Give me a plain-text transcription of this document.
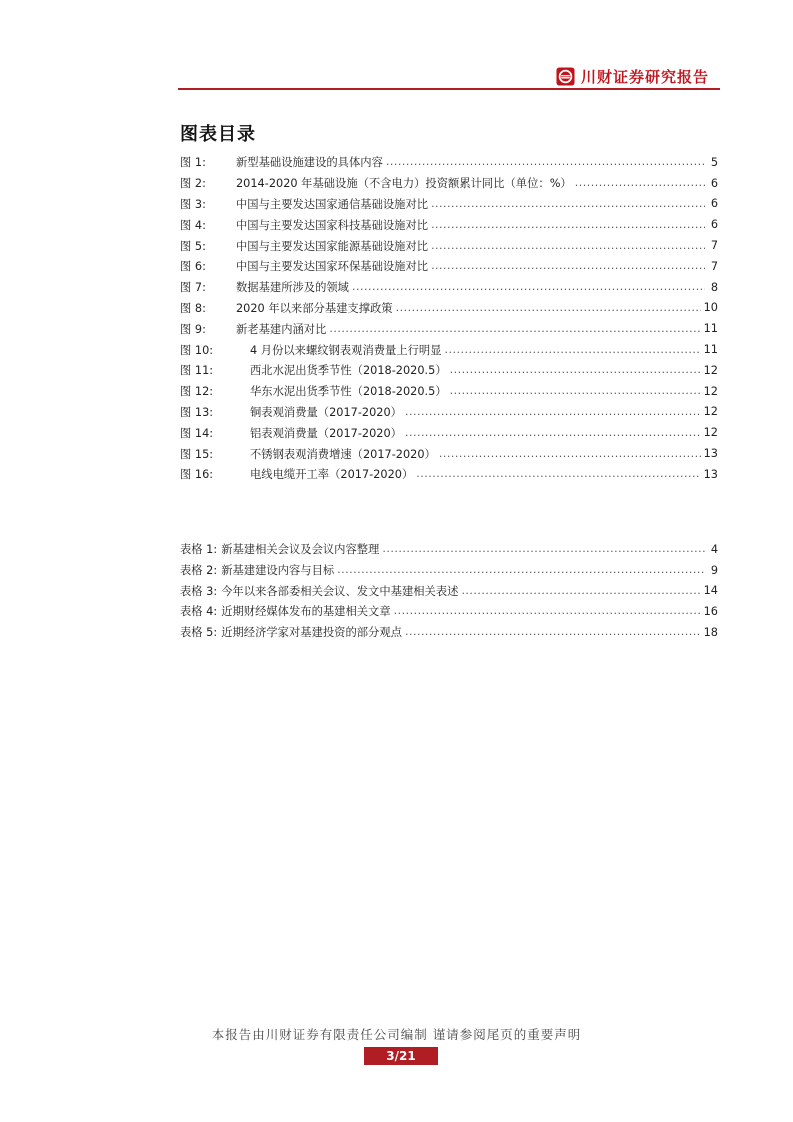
川财证券研究报告
图表目录
图 1:	新型基础设施建设的具体内容 .....	5
图 2:	2014-2020 年基础设施（不含电力）投资额累计同比（单位：%） .....	6
图 3:	中国与主要发达国家通信基础设施对比 .....	6
图 4:	中国与主要发达国家科技基础设施对比 .....	6
图 5:	中国与主要发达国家能源基础设施对比 .....	7
图 6:	中国与主要发达国家环保基础设施对比 .....	7
图 7:	数据基建所涉及的领域 .....	8
图 8:	2020 年以来部分基建支撑政策 .....	10
图 9:	新老基建内涵对比 .....	11
图 10:	4 月份以来螺纹钢表观消费量上行明显 .....	11
图 11:	西北水泥出货季节性（2018-2020.5） .....	12
图 12:	华东水泥出货季节性（2018-2020.5） .....	12
图 13:	铜表观消费量（2017-2020） .....	12
图 14:	铝表观消费量（2017-2020） .....	12
图 15:	不锈钢表观消费增速（2017-2020） .....	13
图 16:	电线电缆开工率（2017-2020） .....	13
表格 1: 新基建相关会议及会议内容整理 .....	4
表格 2: 新基建建设内容与目标 .....	9
表格 3: 今年以来各部委相关会议、发文中基建相关表述 .....	14
表格 4: 近期财经媒体发布的基建相关文章 .....	16
表格 5: 近期经济学家对基建投资的部分观点 .....	18
本报告由川财证券有限责任公司编制 谨请参阅尾页的重要声明
3/21
